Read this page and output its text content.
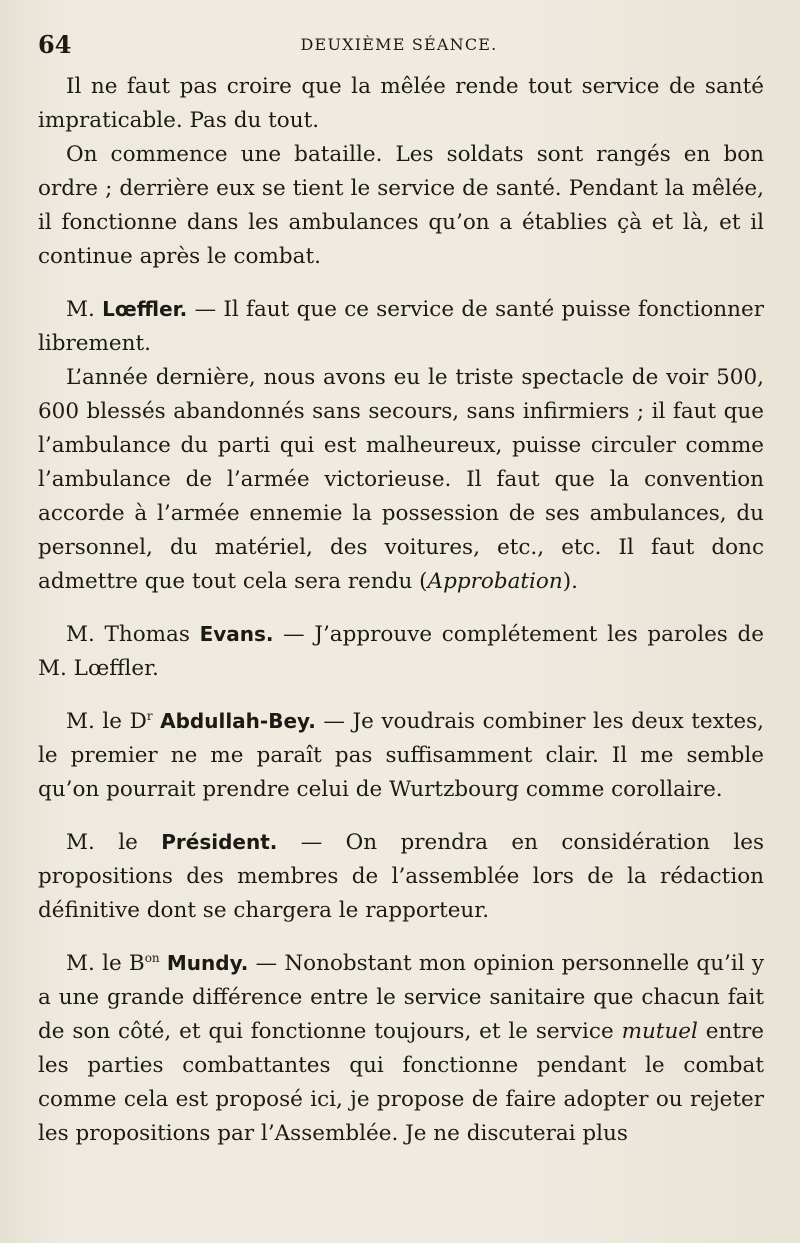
64	DEUXIÈME SÉANCE.

Il ne faut pas croire que la mêlée rende tout service de santé impraticable. Pas du tout.

On commence une bataille. Les soldats sont rangés en bon ordre ; derrière eux se tient le service de santé. Pendant la mêlée, il fonctionne dans les ambulances qu’on a établies çà et là, et il continue après le combat.

M. Lœffler. — Il faut que ce service de santé puisse fonctionner librement.

L’année dernière, nous avons eu le triste spectacle de voir 500, 600 blessés abandonnés sans secours, sans infirmiers ; il faut que l’ambulance du parti qui est malheureux, puisse circuler comme l’ambulance de l’armée victorieuse. Il faut que la convention accorde à l’armée ennemie la possession de ses ambulances, du personnel, du matériel, des voitures, etc., etc. Il faut donc admettre que tout cela sera rendu (Approbation).

M. Thomas Evans. — J’approuve complétement les paroles de M. Lœffler.

M. le $D^r$ Abdullah-Bey. — Je voudrais combiner les deux textes, le premier ne me paraît pas suffisamment clair. Il me semble qu’on pourrait prendre celui de Wurtzbourg comme corollaire.

M. le Président. — On prendra en considération les propositions des membres de l’assemblée lors de la rédaction définitive dont se chargera le rapporteur.

M. le $B^{on}$ Mundy. — Nonobstant mon opinion personnelle qu’il y a une grande différence entre le service sanitaire que chacun fait de son côté, et qui fonctionne toujours, et le service mutuel entre les parties combattantes qui fonctionne pendant le combat comme cela est proposé ici, je propose de faire adopter ou rejeter les propositions par l’Assemblée. Je ne discuterai plus
